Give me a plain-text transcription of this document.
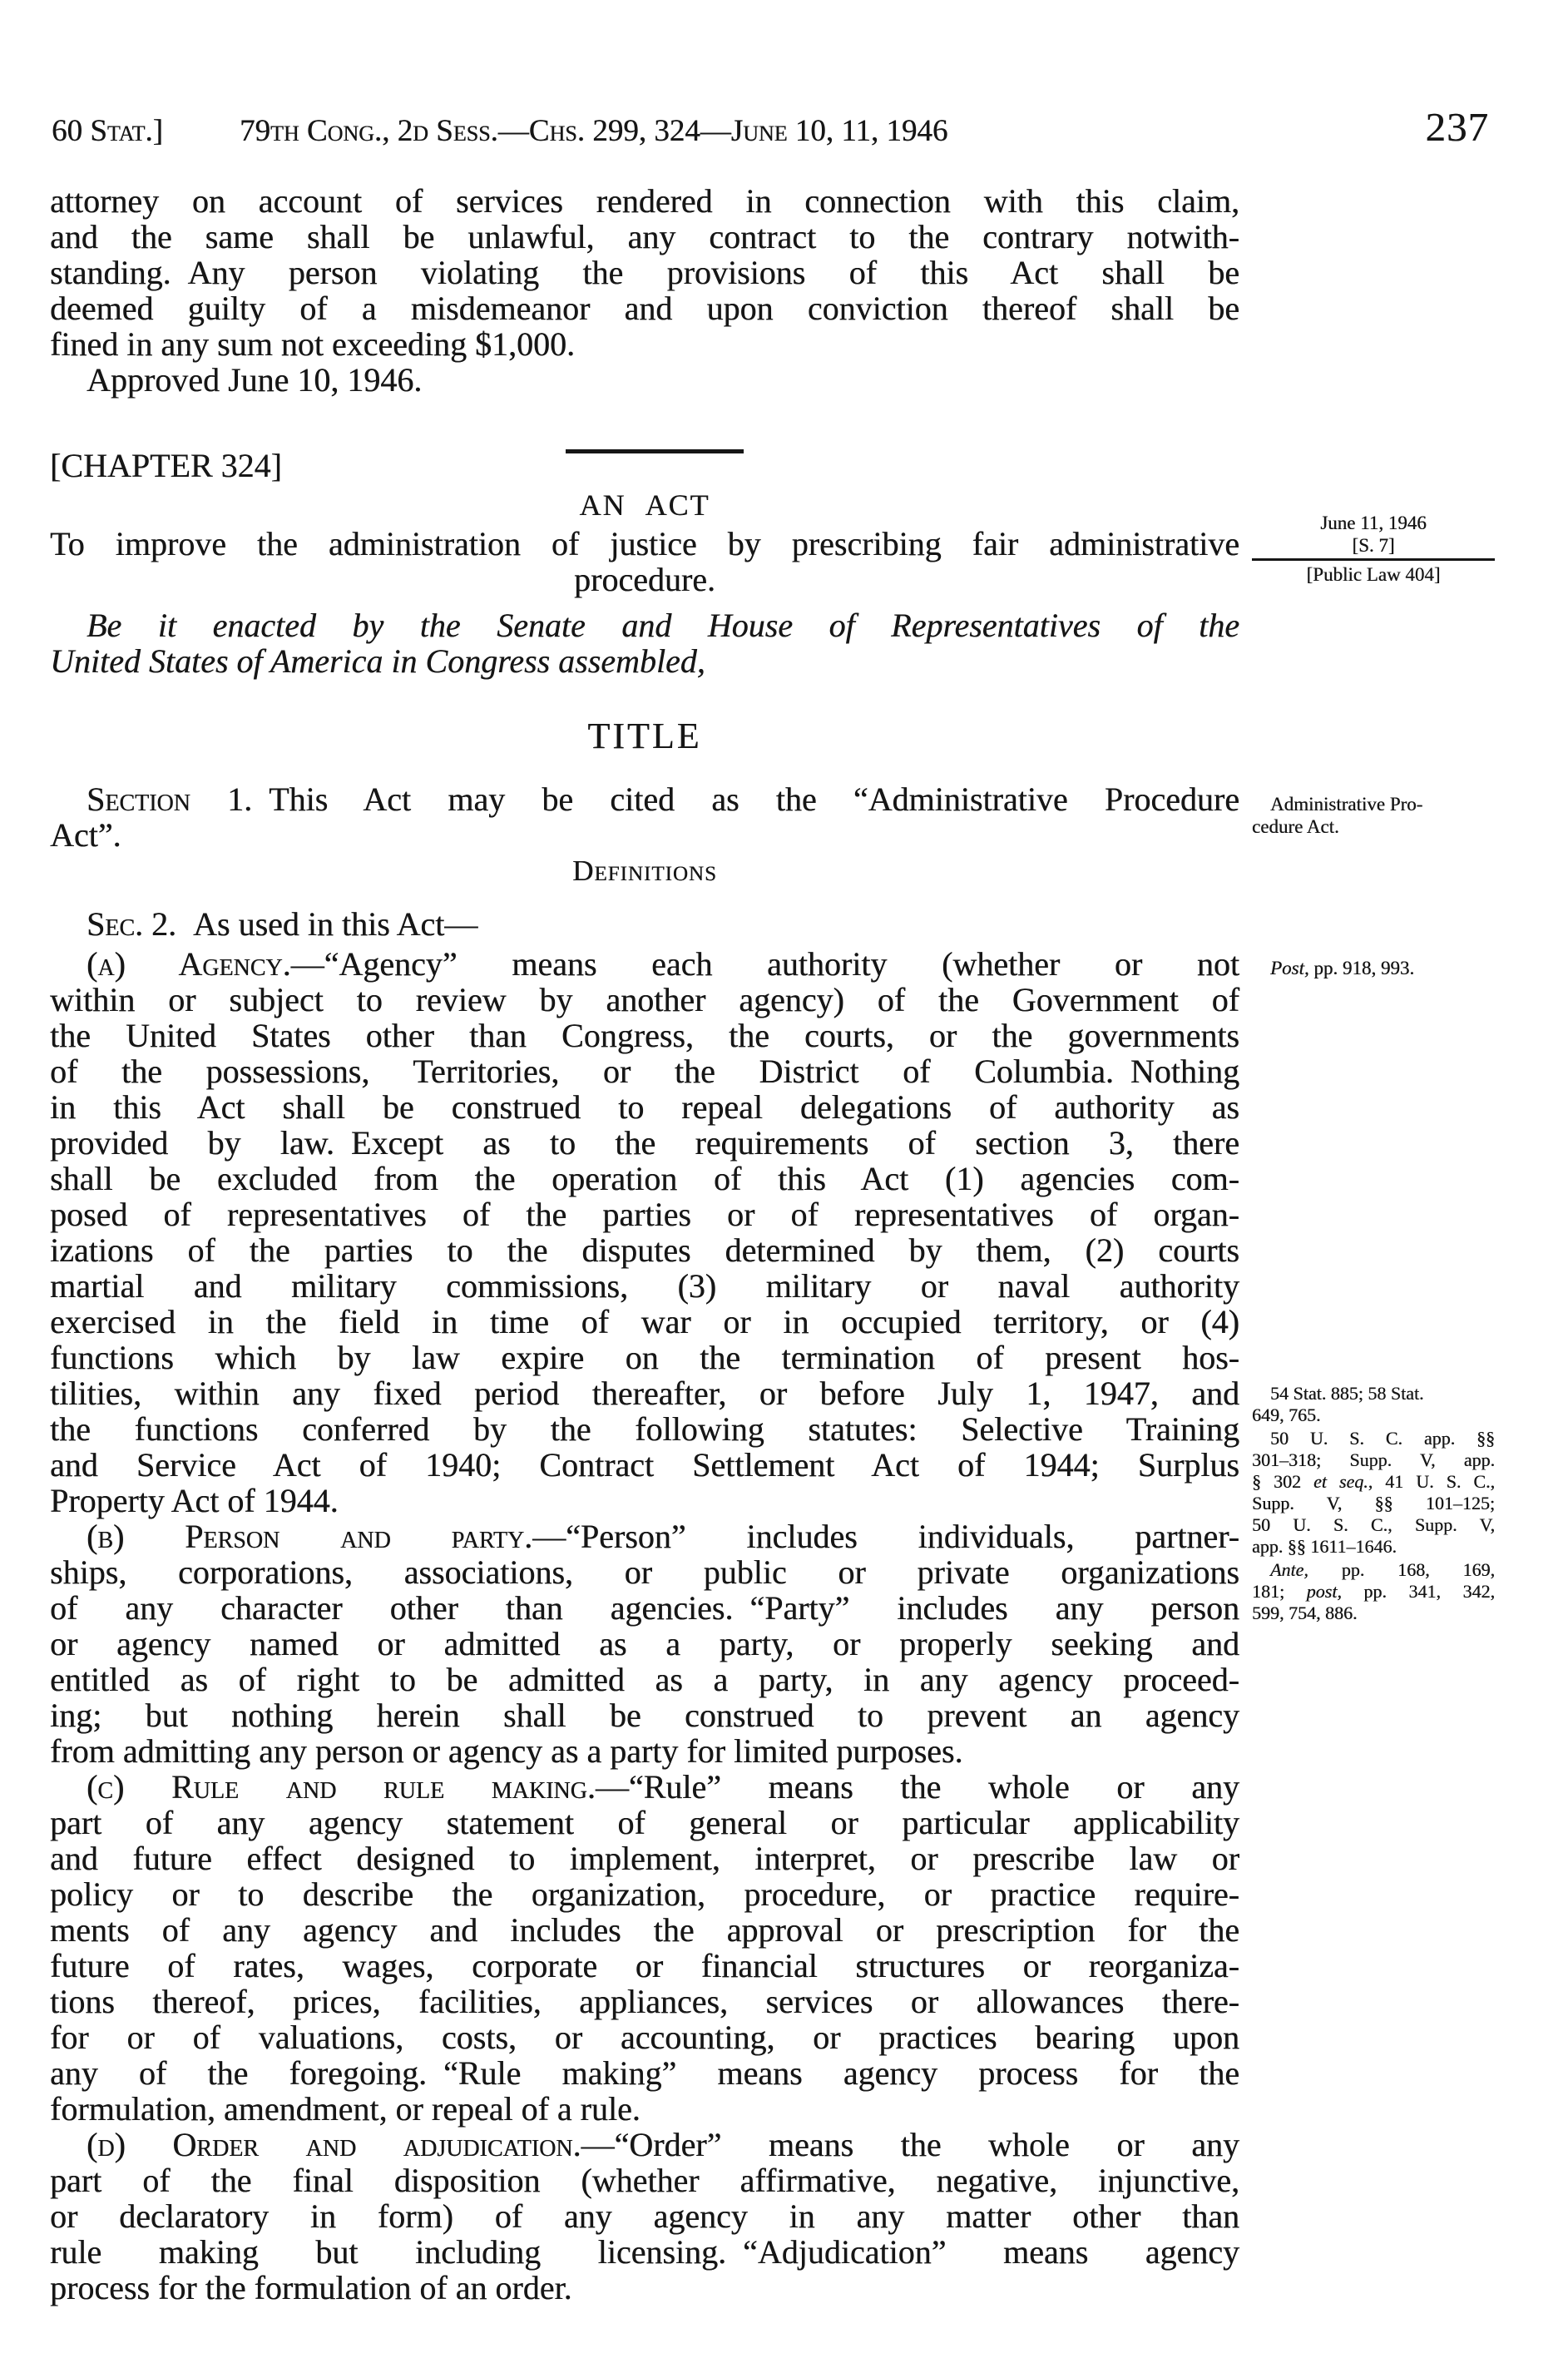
60 Stat.] 79th Cong., 2d Sess.—Chs. 299, 324—June 10, 11, 1946	237
attorney on account of services rendered in connection with this claim,
and the same shall be unlawful, any contract to the contrary notwith-
standing. Any person violating the provisions of this Act shall be
deemed guilty of a misdemeanor and upon conviction thereof shall be
fined in any sum not exceeding $1,000.
Approved June 10, 1946.
[CHAPTER 324]
AN ACT
To improve the administration of justice by prescribing fair administrative
procedure.
Be it enacted by the Senate and House of Representatives of the
United States of America in Congress assembled,
TITLE
Section 1. This Act may be cited as the “Administrative Procedure
Act”.
Definitions
Sec. 2. As used in this Act—
(a) Agency.—“Agency” means each authority (whether or not
within or subject to review by another agency) of the Government of
the United States other than Congress, the courts, or the governments
of the possessions, Territories, or the District of Columbia. Nothing
in this Act shall be construed to repeal delegations of authority as
provided by law. Except as to the requirements of section 3, there
shall be excluded from the operation of this Act (1) agencies com-
posed of representatives of the parties or of representatives of organ-
izations of the parties to the disputes determined by them, (2) courts
martial and military commissions, (3) military or naval authority
exercised in the field in time of war or in occupied territory, or (4)
functions which by law expire on the termination of present hos-
tilities, within any fixed period thereafter, or before July 1, 1947, and
the functions conferred by the following statutes: Selective Training
and Service Act of 1940; Contract Settlement Act of 1944; Surplus
Property Act of 1944.
(b) Person and party.—“Person” includes individuals, partner-
ships, corporations, associations, or public or private organizations
of any character other than agencies. “Party” includes any person
or agency named or admitted as a party, or properly seeking and
entitled as of right to be admitted as a party, in any agency proceed-
ing; but nothing herein shall be construed to prevent an agency
from admitting any person or agency as a party for limited purposes.
(c) Rule and rule making.—“Rule” means the whole or any
part of any agency statement of general or particular applicability
and future effect designed to implement, interpret, or prescribe law or
policy or to describe the organization, procedure, or practice require-
ments of any agency and includes the approval or prescription for the
future of rates, wages, corporate or financial structures or reorganiza-
tions thereof, prices, facilities, appliances, services or allowances there-
for or of valuations, costs, or accounting, or practices bearing upon
any of the foregoing. “Rule making” means agency process for the
formulation, amendment, or repeal of a rule.
(d) Order and adjudication.—“Order” means the whole or any
part of the final disposition (whether affirmative, negative, injunctive,
or declaratory in form) of any agency in any matter other than
rule making but including licensing. “Adjudication” means agency
process for the formulation of an order.
June 11, 1946
[S. 7]
[Public Law 404]
Administrative Pro-
cedure Act.
Post, pp. 918, 993.
54 Stat. 885; 58 Stat.
649, 765.
50 U. S. C. app. §§
301–318; Supp. V, app.
§ 302 et seq., 41 U. S. C.,
Supp. V, §§ 101–125;
50 U. S. C., Supp. V,
app. §§ 1611–1646.
Ante, pp. 168, 169,
181; post, pp. 341, 342,
599, 754, 886.
